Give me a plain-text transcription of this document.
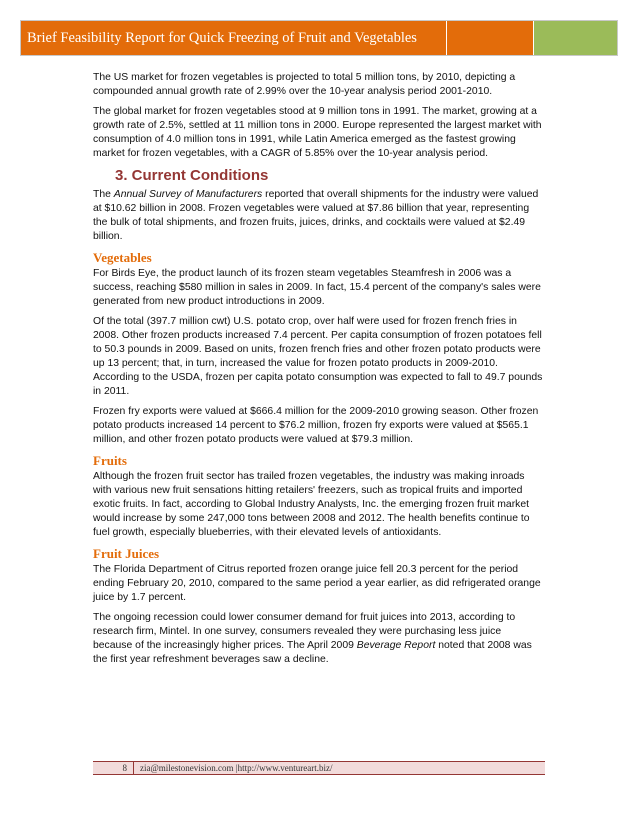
Brief Feasibility Report for Quick Freezing of Fruit and Vegetables

The US market for frozen vegetables is projected to total 5 million tons, by 2010, depicting a compounded annual growth rate of 2.99% over the 10-year analysis period 2001-2010.

The global market for frozen vegetables stood at 9 million tons in 1991. The market, growing at a growth rate of 2.5%, settled at 11 million tons in 2000. Europe represented the largest market with consumption of 4.0 million tons in 1991, while Latin America emerged as the fastest growing market for frozen vegetables, with a CAGR of 5.85% over the 10-year analysis period.

3. Current Conditions

The Annual Survey of Manufacturers reported that overall shipments for the industry were valued at $10.62 billion in 2008. Frozen vegetables were valued at $7.86 billion that year, representing the bulk of total shipments, and frozen fruits, juices, drinks, and cocktails were valued at $2.49 billion.

Vegetables

For Birds Eye, the product launch of its frozen steam vegetables Steamfresh in 2006 was a success, reaching $580 million in sales in 2009. In fact, 15.4 percent of the company's sales were generated from new product introductions in 2009.

Of the total (397.7 million cwt) U.S. potato crop, over half were used for frozen french fries in 2008. Other frozen products increased 7.4 percent. Per capita consumption of frozen potatoes fell to 50.3 pounds in 2009. Based on units, frozen french fries and other frozen potato products were up 13 percent; that, in turn, increased the value for frozen potato products in 2009-2010. According to the USDA, frozen per capita potato consumption was expected to fall to 49.7 pounds in 2011.

Frozen fry exports were valued at $666.4 million for the 2009-2010 growing season. Other frozen potato products increased 14 percent to $76.2 million, frozen fry exports were valued at $565.1 million, and other frozen potato products were valued at $79.3 million.

Fruits

Although the frozen fruit sector has trailed frozen vegetables, the industry was making inroads with various new fruit sensations hitting retailers' freezers, such as tropical fruits and imported exotic fruits. In fact, according to Global Industry Analysts, Inc. the emerging frozen fruit market would increase by some 247,000 tons between 2008 and 2012. The health benefits continue to fuel growth, especially blueberries, with their elevated levels of antioxidants.

Fruit Juices

The Florida Department of Citrus reported frozen orange juice fell 20.3 percent for the period ending February 20, 2010, compared to the same period a year earlier, as did refrigerated orange juice by 1.7 percent.

The ongoing recession could lower consumer demand for fruit juices into 2013, according to research firm, Mintel. In one survey, consumers revealed they were purchasing less juice because of the increasingly higher prices. The April 2009 Beverage Report noted that 2008 was the first year refreshment beverages saw a decline.

8	zia@milestonevision.com |http://www.ventureart.biz/
